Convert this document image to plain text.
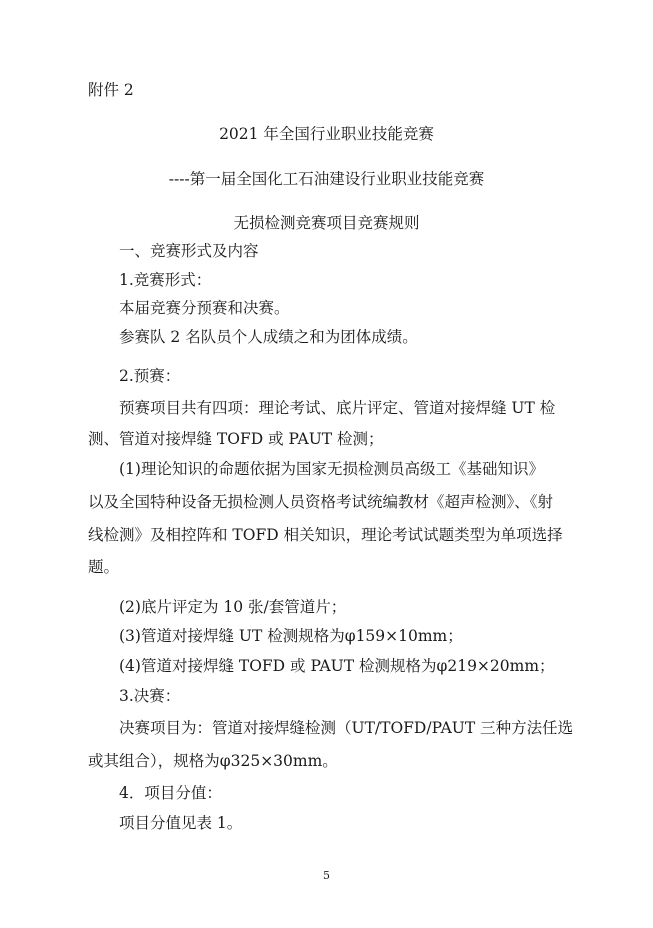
附件 2

2021 年全国行业职业技能竞赛

----第一届全国化工石油建设行业职业技能竞赛

无损检测竞赛项目竞赛规则

一、竞赛形式及内容

1.竞赛形式：

本届竞赛分预赛和决赛。

参赛队 2 名队员个人成绩之和为团体成绩。

2.预赛：

预赛项目共有四项：理论考试、底片评定、管道对接焊缝 UT 检

测、管道对接焊缝 TOFD 或 PAUT 检测；

(1)理论知识的命题依据为国家无损检测员高级工《基础知识》

以及全国特种设备无损检测人员资格考试统编教材《超声检测》、《射

线检测》及相控阵和 TOFD 相关知识，理论考试试题类型为单项选择

题。

(2)底片评定为 10 张/套管道片；

(3)管道对接焊缝 UT 检测规格为φ159×10mm；

(4)管道对接焊缝 TOFD 或 PAUT 检测规格为φ219×20mm；

3.决赛：

决赛项目为：管道对接焊缝检测（UT/TOFD/PAUT 三种方法任选

或其组合），规格为φ325×30mm。

4．项目分值：

项目分值见表 1。

5
